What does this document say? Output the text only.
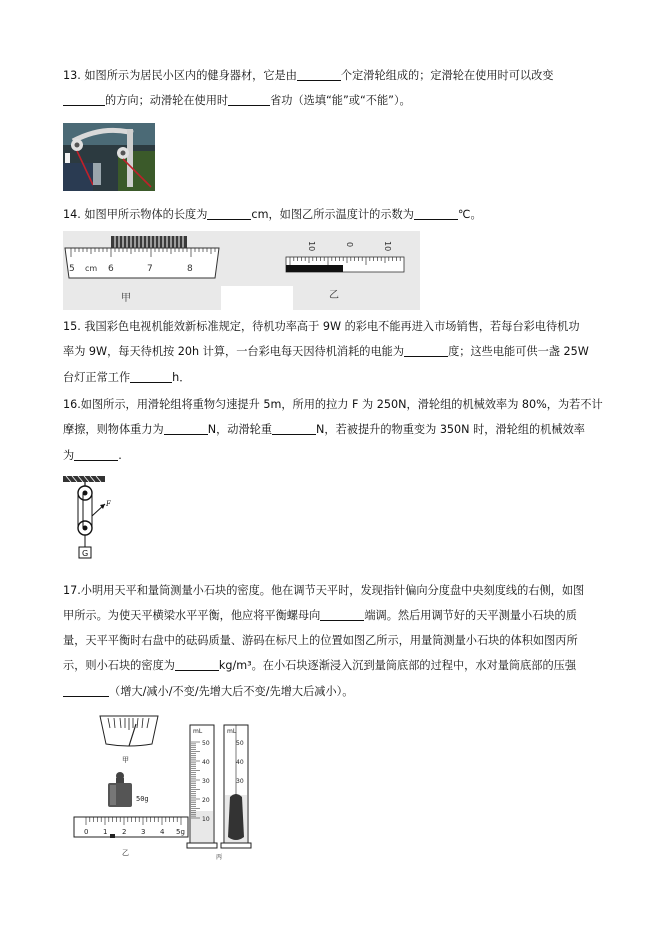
13. 如图所示为居民小区内的健身器材，它是由	个定滑轮组成的；定滑轮在使用时可以改变
的方向；动滑轮在使用时	省功（选填“能”或“不能”）。
14. 如图甲所示物体的长度为	cm，如图乙所示温度计的示数为	℃。
5 cm 6	7	8
甲
10	0	10
乙
15. 我国彩色电视机能效新标准规定，待机功率高于 9W 的彩电不能再进入市场销售，若每台彩电待机功
率为 9W，每天待机按 20h 计算，一台彩电每天因待机消耗的电能为	度；这些电能可供一盏 25W
台灯正常工作	h．
16.如图所示，用滑轮组将重物匀速提升 5m，所用的拉力 F 为 250N，滑轮组的机械效率为 80%，为若不计
摩擦，则物体重力为	N，动滑轮重	N，若被提升的物重变为 350N 时，滑轮组的机械效率
为	.
F
G
17.小明用天平和量筒测量小石块的密度。他在调节天平时，发现指针偏向分度盘中央刻度线的右侧，如图
甲所示。为使天平横梁水平平衡，他应将平衡螺母向	端调。然后用调节好的天平测量小石块的质
量，天平平衡时右盘中的砝码质量、游码在标尺上的位置如图乙所示，用量筒测量小石块的体积如图丙所
示，则小石块的密度为	kg/m³。在小石块逐渐浸入沉到量筒底部的过程中，水对量筒底部的压强
（增大/减小/不变/先增大后不变/先增大后减小）。
甲
50g
0 1 2 3 4 5g
乙
mL
50
40
30
20
10
mL
50
40
30
丙
